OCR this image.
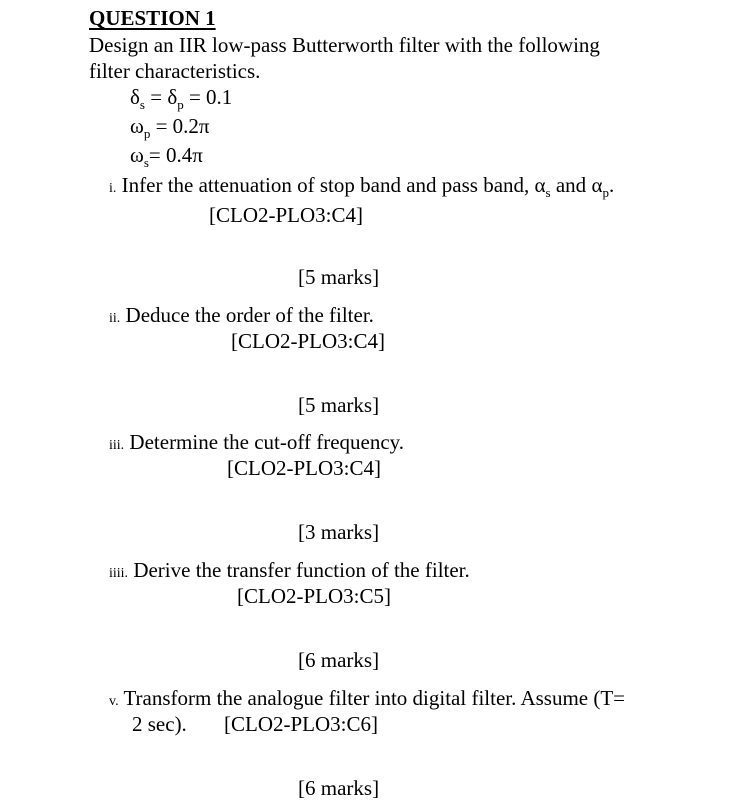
QUESTION 1
Design an IIR low-pass Butterworth filter with the following
filter characteristics.
$\delta_s = \delta_p = 0.1$
$\omega_p = 0.2\pi$
$\omega_s= 0.4\pi$
i. Infer the attenuation of stop band and pass band, $\alpha_s$ and $\alpha_p$.
[CLO2-PLO3:C4]
[5 marks]
ii. Deduce the order of the filter.
[CLO2-PLO3:C4]
[5 marks]
iii. Determine the cut-off frequency.
[CLO2-PLO3:C4]
[3 marks]
iiii. Derive the transfer function of the filter.
[CLO2-PLO3:C5]
[6 marks]
v. Transform the analogue filter into digital filter. Assume (T=
2 sec). [CLO2-PLO3:C6]
[6 marks]
